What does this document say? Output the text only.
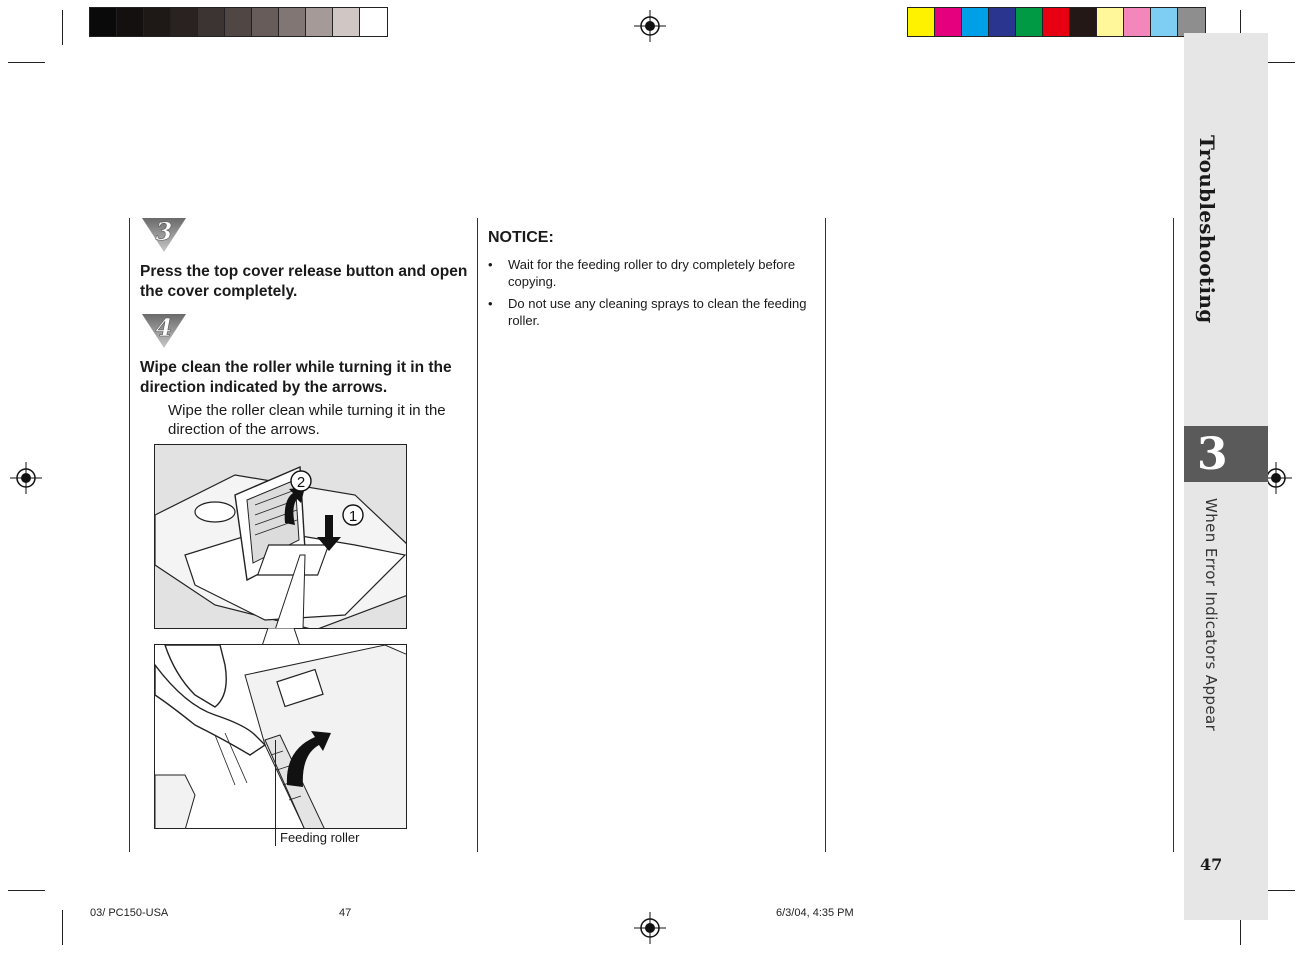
3
Press the top cover release button and open the cover completely.
4
Wipe clean the roller while turning it in the direction indicated by the arrows.
Wipe the roller clean while turning it in the direction of the arrows.
2
1
Feeding roller
NOTICE:
• Wait for the feeding roller to dry completely before copying.
• Do not use any cleaning sprays to clean the feeding roller.	Troubleshooting
3
When Error Indicators Appear
47
03/ PC150-USA	47	6/3/04, 4:35 PM
